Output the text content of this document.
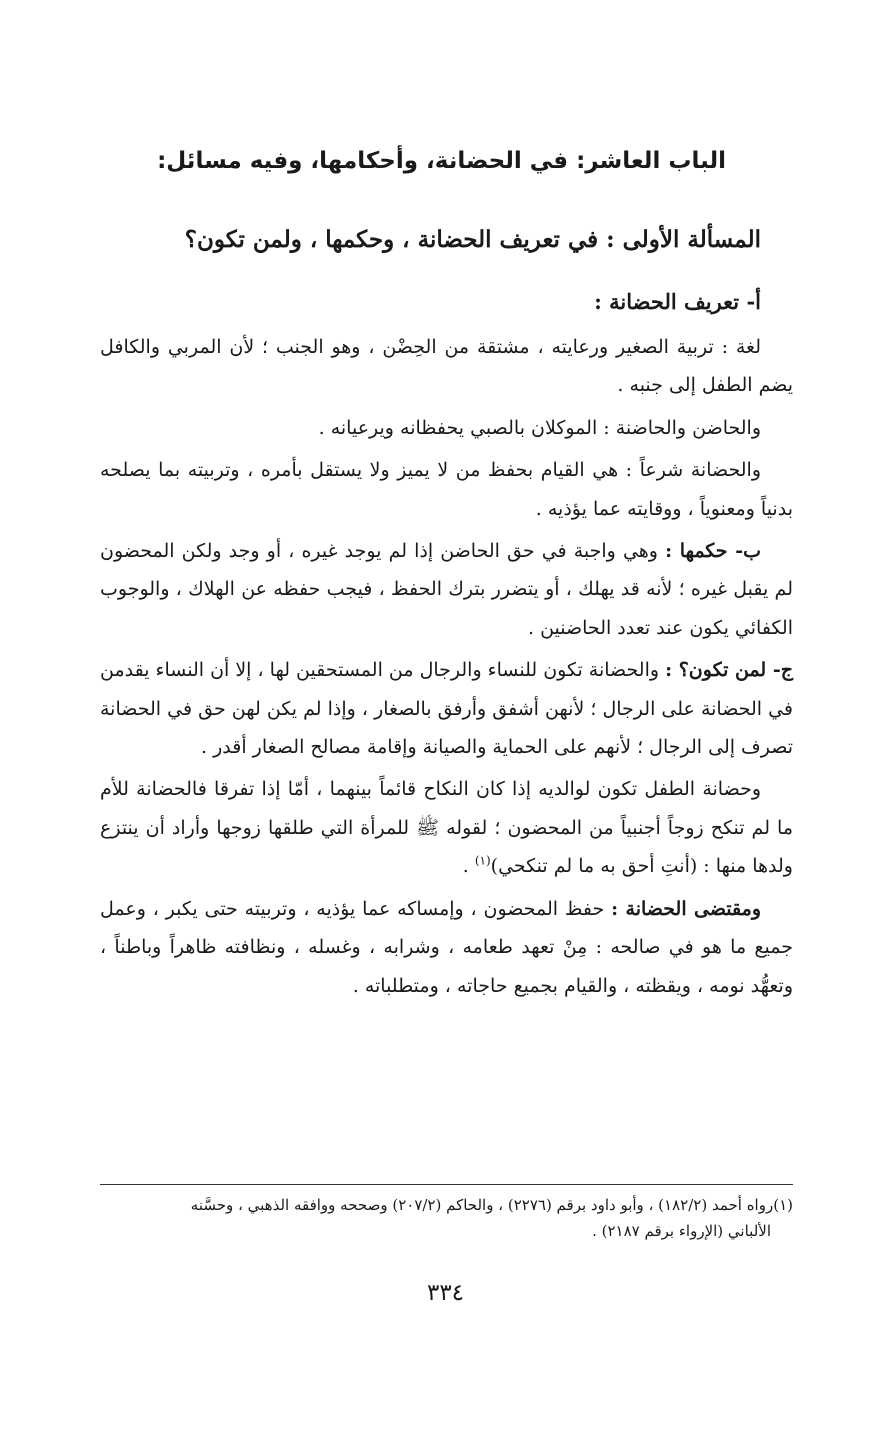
الباب العاشر: في الحضانة، وأحكامها، وفيه مسائل:
المسألة الأولى : في تعريف الحضانة ، وحكمها ، ولمن تكون؟
أ- تعريف الحضانة :

لغة : تربية الصغير ورعايته ، مشتقة من الحِضْن ، وهو الجنب ؛ لأن المربي والكافل يضم الطفل إلى جنبه .

والحاضن والحاضنة : الموكلان بالصبي يحفظانه ويرعيانه .

والحضانة شرعاً : هي القيام بحفظ من لا يميز ولا يستقل بأمره ، وتربيته بما يصلحه بدنياً ومعنوياً ، ووقايته عما يؤذيه .

ب- حكمها : وهي واجبة في حق الحاضن إذا لم يوجد غيره ، أو وجد ولكن المحضون لم يقبل غيره ؛ لأنه قد يهلك ، أو يتضرر بترك الحفظ ، فيجب حفظه عن الهلاك ، والوجوب الكفائي يكون عند تعدد الحاضنين .

ج- لمن تكون؟ : والحضانة تكون للنساء والرجال من المستحقين لها ، إلا أن النساء يقدمن في الحضانة على الرجال ؛ لأنهن أشفق وأرفق بالصغار ، وإذا لم يكن لهن حق في الحضانة تصرف إلى الرجال ؛ لأنهم على الحماية والصيانة وإقامة مصالح الصغار أقدر .

وحضانة الطفل تكون لوالديه إذا كان النكاح قائماً بينهما ، أمّا إذا تفرقا فالحضانة للأم ما لم تنكح زوجاً أجنبياً من المحضون ؛ لقوله ﷺ للمرأة التي طلقها زوجها وأراد أن ينتزع ولدها منها : (أنتِ أحق به ما لم تنكحي)$^{(١)}$ .

ومقتضى الحضانة : حفظ المحضون ، وإمساكه عما يؤذيه ، وتربيته حتى يكبر ، وعمل جميع ما هو في صالحه : مِنْ تعهد طعامه ، وشرابه ، وغسله ، ونظافته ظاهراً وباطناً ، وتعهُّد نومه ، ويقظته ، والقيام بجميع حاجاته ، ومتطلباته .

(١)رواه أحمد (١٨٢/٢) ، وأبو داود برقم (٢٢٧٦) ، والحاكم (٢٠٧/٢) وصححه ووافقه الذهبي ، وحسَّنه

الألباني (الإرواء برقم ٢١٨٧) .

٣٣٤
